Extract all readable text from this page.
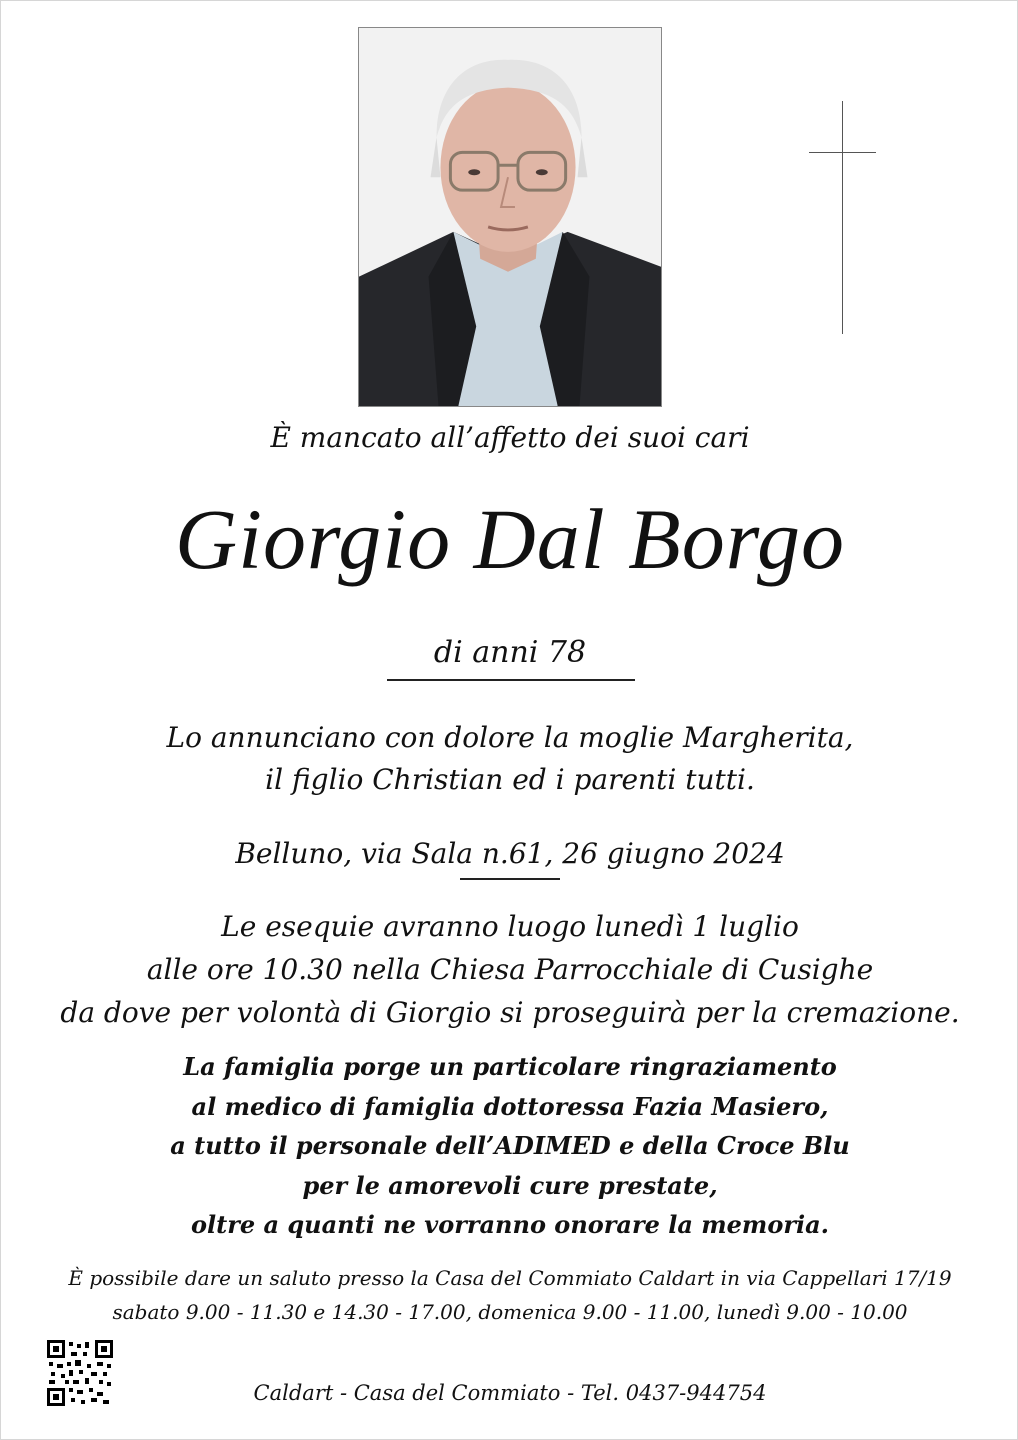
È mancato all’affetto dei suoi cari
Giorgio Dal Borgo
di anni 78
Lo annunciano con dolore la moglie Margherita,
il figlio Christian ed i parenti tutti.
Belluno, via Sala n.61, 26 giugno 2024
Le esequie avranno luogo lunedì 1 luglio
alle ore 10.30 nella Chiesa Parrocchiale di Cusighe
da dove per volontà di Giorgio si proseguirà per la cremazione.
La famiglia porge un particolare ringraziamento
al medico di famiglia dottoressa Fazia Masiero,
a tutto il personale dell’ADIMED e della Croce Blu
per le amorevoli cure prestate,
oltre a quanti ne vorranno onorare la memoria.
È possibile dare un saluto presso la Casa del Commiato Caldart in via Cappellari 17/19
sabato 9.00 - 11.30 e 14.30 - 17.00, domenica 9.00 - 11.00, lunedì 9.00 - 10.00
Caldart - Casa del Commiato - Tel. 0437-944754
